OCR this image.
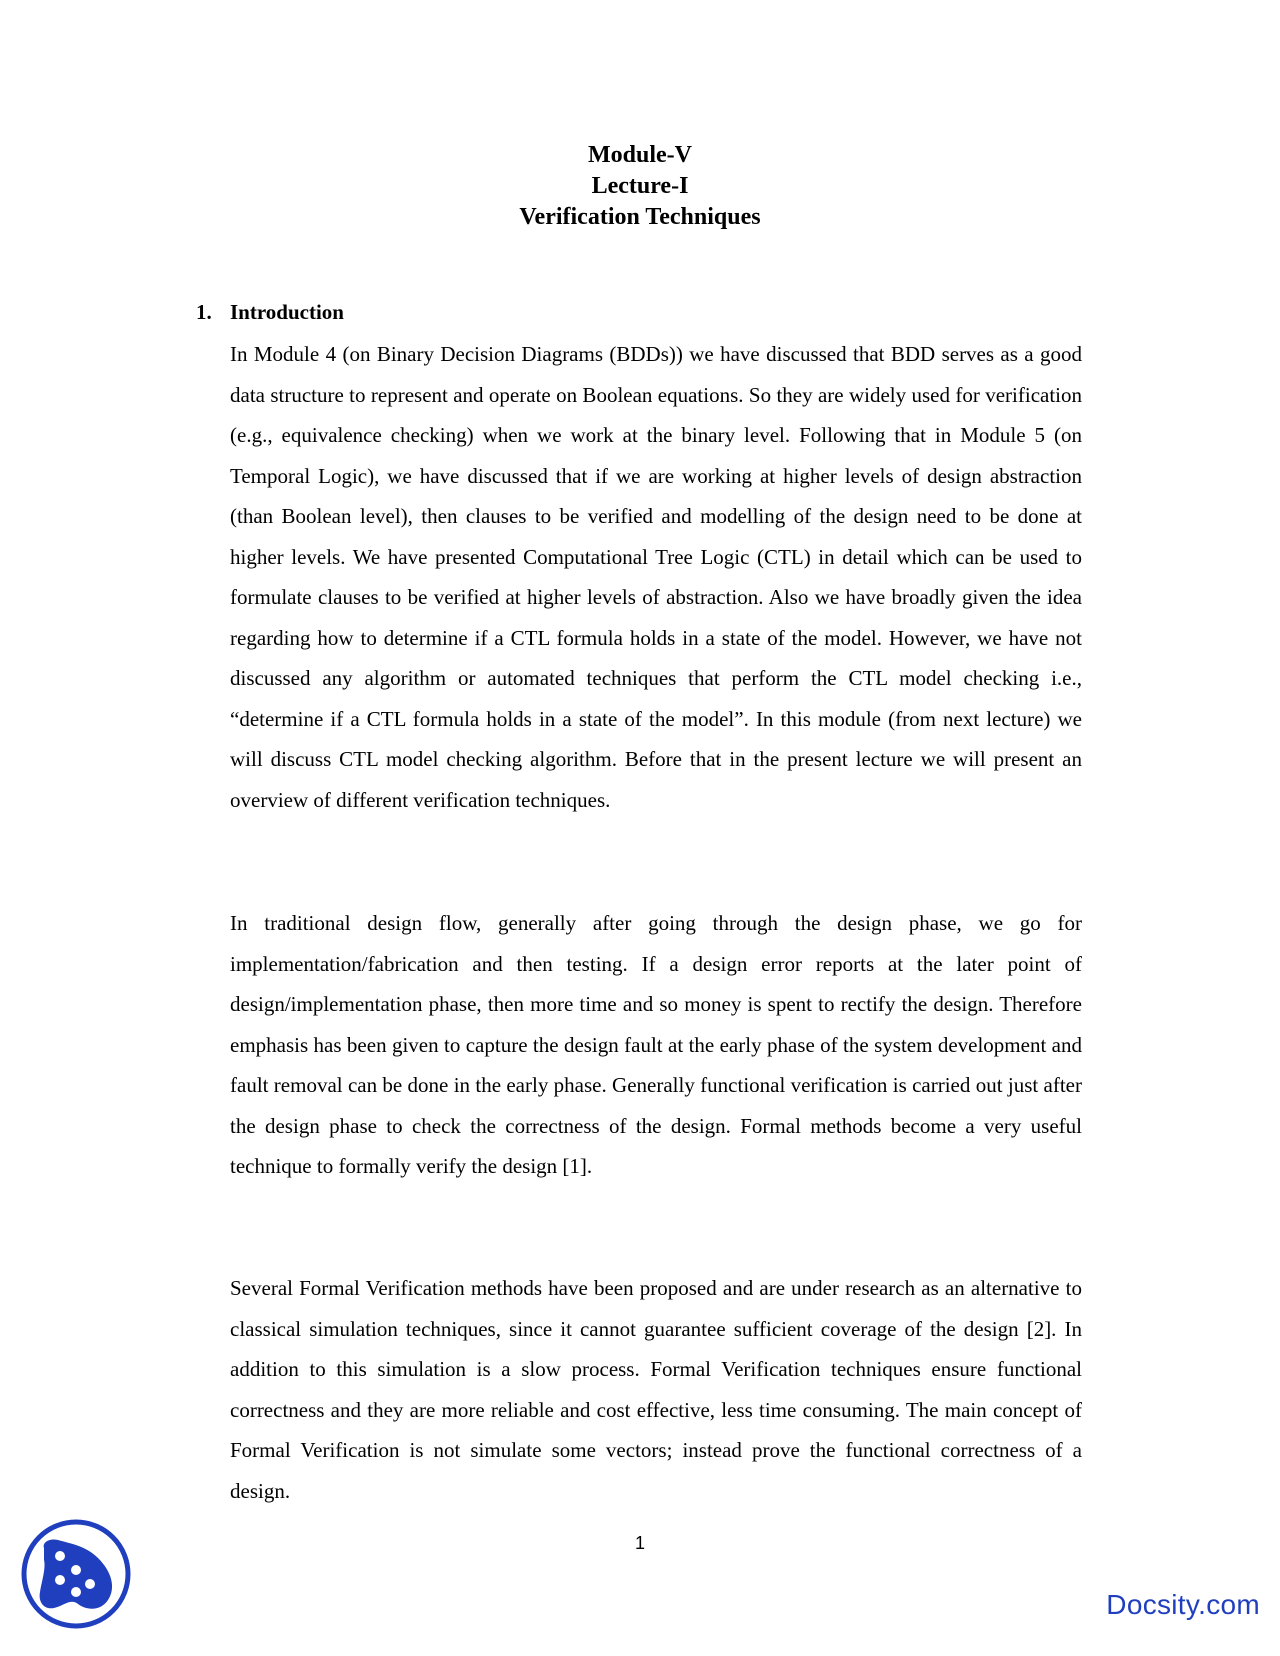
Module-V
Lecture-I
Verification Techniques
1. Introduction

In Module 4 (on Binary Decision Diagrams (BDDs)) we have discussed that BDD serves as a good data structure to represent and operate on Boolean equations. So they are widely used for verification (e.g., equivalence checking) when we work at the binary level. Following that in Module 5 (on Temporal Logic), we have discussed that if we are working at higher levels of design abstraction (than Boolean level), then clauses to be verified and modelling of the design need to be done at higher levels. We have presented Computational Tree Logic (CTL) in detail which can be used to formulate clauses to be verified at higher levels of abstraction. Also we have broadly given the idea regarding how to determine if a CTL formula holds in a state of the model. However, we have not discussed any algorithm or automated techniques that perform the CTL model checking i.e., “determine if a CTL formula holds in a state of the model”. In this module (from next lecture) we will discuss CTL model checking algorithm. Before that in the present lecture we will present an overview of different verification techniques.

In traditional design flow, generally after going through the design phase, we go for implementation/fabrication and then testing. If a design error reports at the later point of design/implementation phase, then more time and so money is spent to rectify the design. Therefore emphasis has been given to capture the design fault at the early phase of the system development and fault removal can be done in the early phase. Generally functional verification is carried out just after the design phase to check the correctness of the design. Formal methods become a very useful technique to formally verify the design [1].

Several Formal Verification methods have been proposed and are under research as an alternative to classical simulation techniques, since it cannot guarantee sufficient coverage of the design [2]. In addition to this simulation is a slow process. Formal Verification techniques ensure functional correctness and they are more reliable and cost effective, less time consuming. The main concept of Formal Verification is not simulate some vectors; instead prove the functional correctness of a design.

1
Docsity.com
